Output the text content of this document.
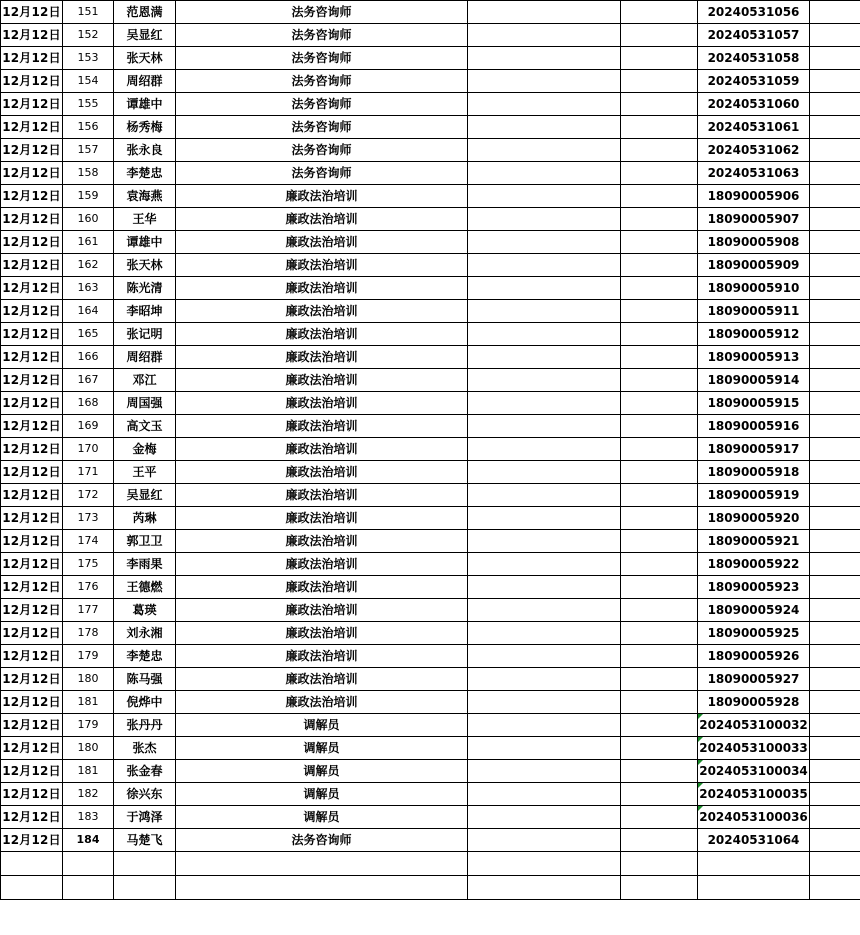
12月12日	151	范恩满	法务咨询师			20240531056	
12月12日	152	吴显红	法务咨询师			20240531057	
12月12日	153	张天林	法务咨询师			20240531058	
12月12日	154	周绍群	法务咨询师			20240531059	
12月12日	155	谭雄中	法务咨询师			20240531060	
12月12日	156	杨秀梅	法务咨询师			20240531061	
12月12日	157	张永良	法务咨询师			20240531062	
12月12日	158	李楚忠	法务咨询师			20240531063	
12月12日	159	袁海燕	廉政法治培训			18090005906	
12月12日	160	王华	廉政法治培训			18090005907	
12月12日	161	谭雄中	廉政法治培训			18090005908	
12月12日	162	张天林	廉政法治培训			18090005909	
12月12日	163	陈光清	廉政法治培训			18090005910	
12月12日	164	李昭坤	廉政法治培训			18090005911	
12月12日	165	张记明	廉政法治培训			18090005912	
12月12日	166	周绍群	廉政法治培训			18090005913	
12月12日	167	邓江	廉政法治培训			18090005914	
12月12日	168	周国强	廉政法治培训			18090005915	
12月12日	169	高文玉	廉政法治培训			18090005916	
12月12日	170	金梅	廉政法治培训			18090005917	
12月12日	171	王平	廉政法治培训			18090005918	
12月12日	172	吴显红	廉政法治培训			18090005919	
12月12日	173	芮琳	廉政法治培训			18090005920	
12月12日	174	郭卫卫	廉政法治培训			18090005921	
12月12日	175	李雨果	廉政法治培训			18090005922	
12月12日	176	王德燃	廉政法治培训			18090005923	
12月12日	177	葛瑛	廉政法治培训			18090005924	
12月12日	178	刘永湘	廉政法治培训			18090005925	
12月12日	179	李楚忠	廉政法治培训			18090005926	
12月12日	180	陈马强	廉政法治培训			18090005927	
12月12日	181	倪烨中	廉政法治培训			18090005928	
12月12日	179	张丹丹	调解员			2024053100032	
12月12日	180	张杰	调解员			2024053100033	
12月12日	181	张金春	调解员			2024053100034	
12月12日	182	徐兴东	调解员			2024053100035	
12月12日	183	于鸿泽	调解员			2024053100036	
12月12日	184	马楚飞	法务咨询师			20240531064	
